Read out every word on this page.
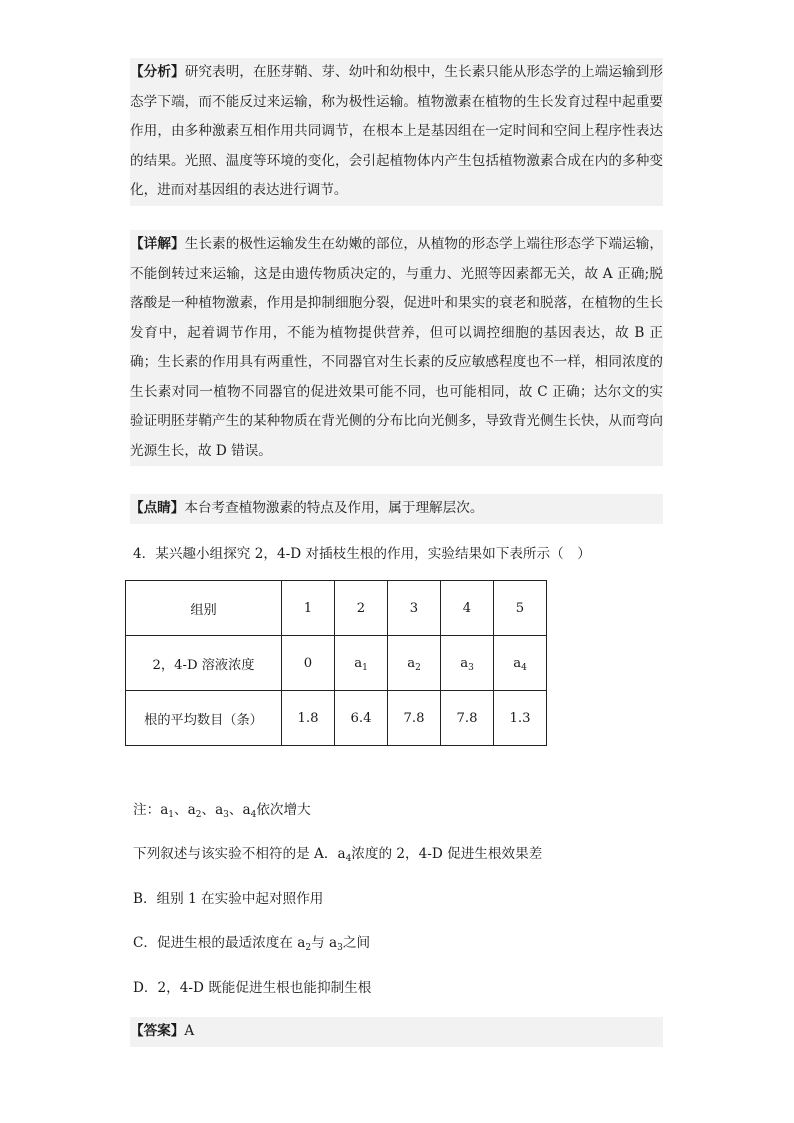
【分析】研究表明，在胚芽鞘、芽、幼叶和幼根中，生长素只能从形态学的上端运输到形态学下端，而不能反过来运输，称为极性运输。植物激素在植物的生长发育过程中起重要作用，由多种激素互相作用共同调节，在根本上是基因组在一定时间和空间上程序性表达的结果。光照、温度等环境的变化，会引起植物体内产生包括植物激素合成在内的多种变化，进而对基因组的表达进行调节。
【详解】生长素的极性运输发生在幼嫩的部位，从植物的形态学上端往形态学下端运输，不能倒转过来运输，这是由遗传物质决定的，与重力、光照等因素都无关，故 A 正确;脱落酸是一种植物激素，作用是抑制细胞分裂，促进叶和果实的衰老和脱落，在植物的生长发育中，起着调节作用，不能为植物提供营养，但可以调控细胞的基因表达，故 B 正确；生长素的作用具有两重性，不同器官对生长素的反应敏感程度也不一样，相同浓度的生长素对同一植物不同器官的促进效果可能不同，也可能相同，故 C 正确；达尔文的实验证明胚芽鞘产生的某种物质在背光侧的分布比向光侧多，导致背光侧生长快，从而弯向光源生长，故 D 错误。
【点睛】本台考查植物激素的特点及作用，属于理解层次。
4．某兴趣小组探究 2，4-D 对插枝生根的作用，实验结果如下表所示（　）
组别	1	2	3	4	5
2，4-D 溶液浓度	0	$a_1$	$a_2$	$a_3$	$a_4$
根的平均数目（条）	1.8	6.4	7.8	7.8	1.3
注：$a_1$、$a_2$、$a_3$、$a_4$依次增大
下列叙述与该实验不相符的是 A．$a_4$浓度的 2，4-D 促进生根效果差
B．组别 1 在实验中起对照作用
C．促进生根的最适浓度在 $a_2$与 $a_3$之间
D．2，4-D 既能促进生根也能抑制生根
【答案】A
